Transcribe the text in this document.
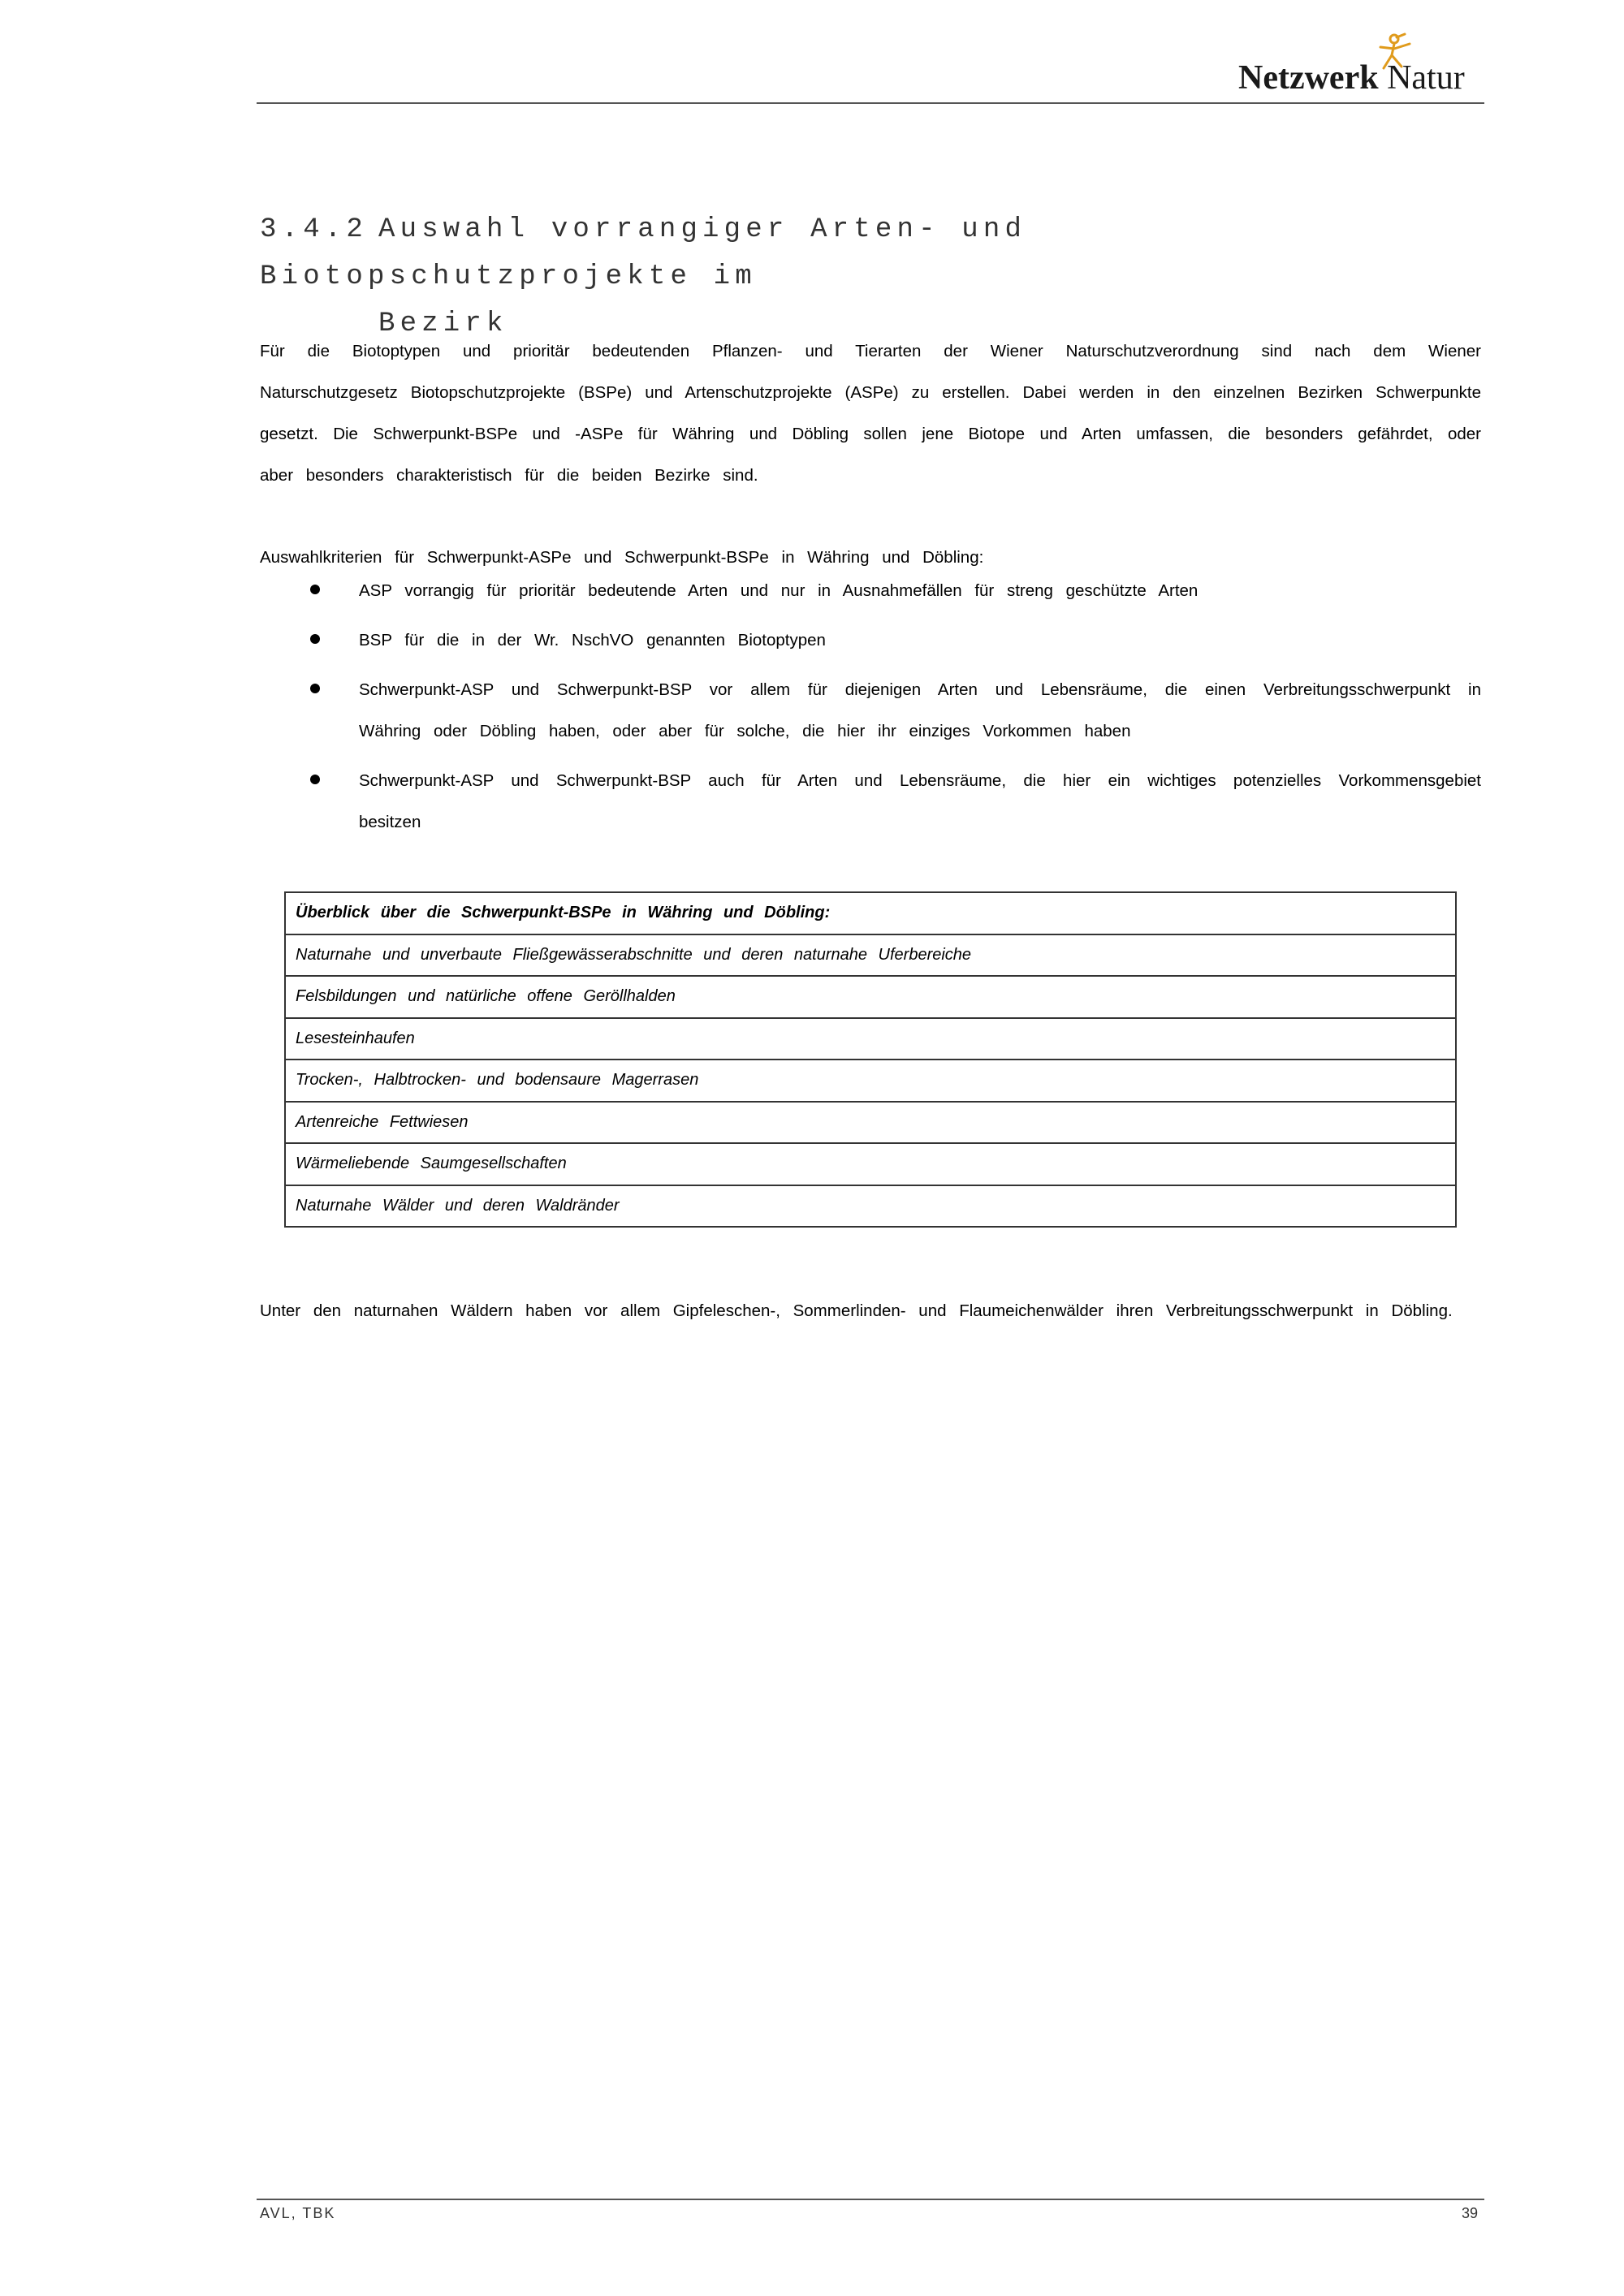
Netzwerk Natur
3.4.2 Auswahl vorrangiger Arten- und Biotopschutzprojekte im
Bezirk

Für die Biotoptypen und prioritär bedeutenden Pflanzen- und Tierarten der Wiener Naturschutzverordnung sind nach dem Wiener Naturschutzgesetz Biotopschutzprojekte (BSPe) und Artenschutzprojekte (ASPe) zu erstellen. Dabei werden in den einzelnen Bezirken Schwerpunkte gesetzt. Die Schwerpunkt-BSPe und -ASPe für Währing und Döbling sollen jene Biotope und Arten umfassen, die besonders gefährdet, oder aber besonders charakteristisch für die beiden Bezirke sind.

Auswahlkriterien für Schwerpunkt-ASPe und Schwerpunkt-BSPe in Währing und Döbling:

ASP vorrangig für prioritär bedeutende Arten und nur in Ausnahmefällen für streng geschützte Arten
BSP für die in der Wr. NschVO genannten Biotoptypen
Schwerpunkt-ASP und Schwerpunkt-BSP vor allem für diejenigen Arten und Lebensräume, die einen Verbreitungsschwerpunkt in Währing oder Döbling haben, oder aber für solche, die hier ihr einziges Vorkommen haben
Schwerpunkt-ASP und Schwerpunkt-BSP auch für Arten und Lebensräume, die hier ein wichtiges potenzielles Vorkommensgebiet besitzen
Überblick über die Schwerpunkt-BSPe in Währing und Döbling:
Naturnahe und unverbaute Fließgewässerabschnitte und deren naturnahe Uferbereiche
Felsbildungen und natürliche offene Geröllhalden
Lesesteinhaufen
Trocken-, Halbtrocken- und bodensaure Magerrasen
Artenreiche Fettwiesen
Wärmeliebende Saumgesellschaften
Naturnahe Wälder und deren Waldränder

Unter den naturnahen Wäldern haben vor allem Gipfeleschen-, Sommerlinden- und Flaumeichenwälder ihren Verbreitungsschwerpunkt in Döbling.

AVL, TBK	39
